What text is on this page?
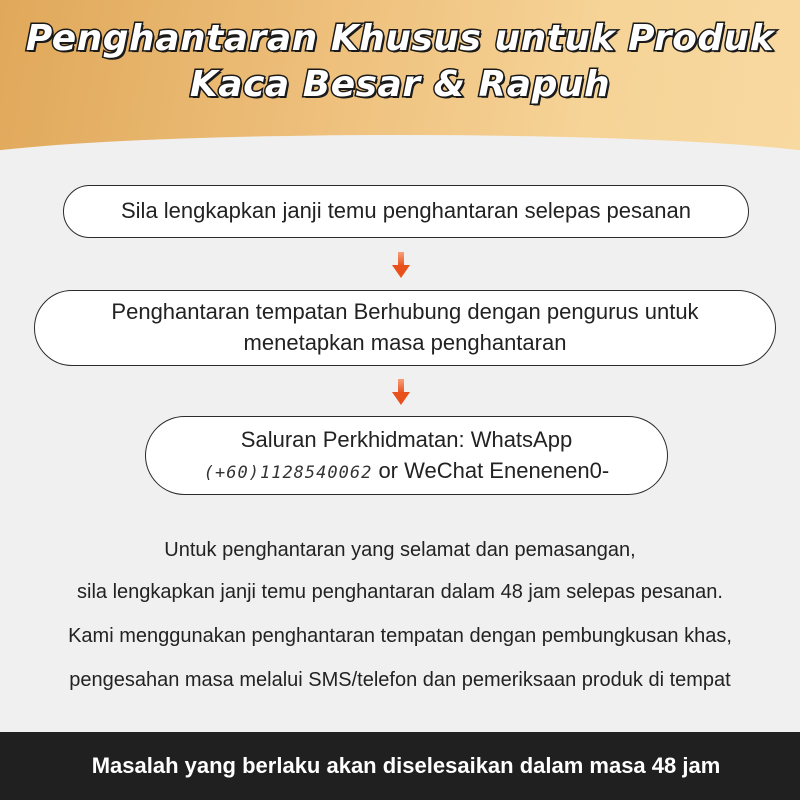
Penghantaran Khusus untuk Produk
Kaca Besar & Rapuh
Sila lengkapkan janji temu penghantaran selepas pesanan
Penghantaran tempatan Berhubung dengan pengurus untuk
menetapkan masa penghantaran
Saluran Perkhidmatan: WhatsApp
(+60)1128540062 or WeChat Enenenen0-
Untuk penghantaran yang selamat dan pemasangan,
sila lengkapkan janji temu penghantaran dalam 48 jam selepas pesanan.
Kami menggunakan penghantaran tempatan dengan pembungkusan khas,
pengesahan masa melalui SMS/telefon dan pemeriksaan produk di tempat
Masalah yang berlaku akan diselesaikan dalam masa 48 jam
